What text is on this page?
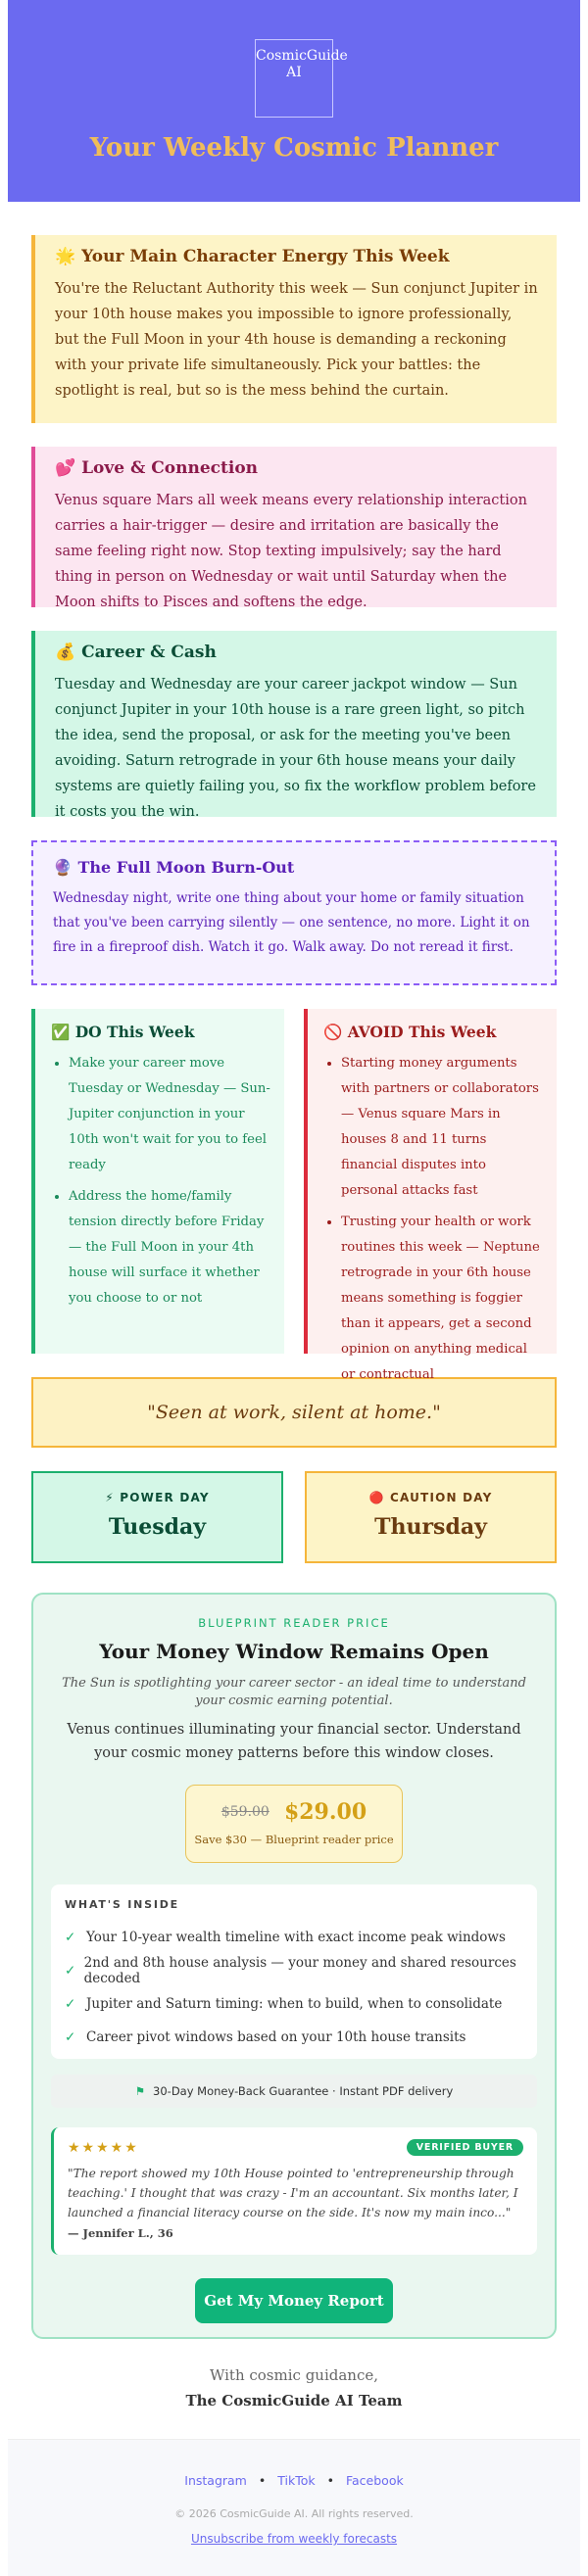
CosmicGuide AI
Your Weekly Cosmic Planner
🌟 Your Main Character Energy This Week

You're the Reluctant Authority this week — Sun conjunct Jupiter in your 10th house makes you impossible to ignore professionally, but the Full Moon in your 4th house is demanding a reckoning with your private life simultaneously. Pick your battles: the spotlight is real, but so is the mess behind the curtain.

💕 Love & Connection

Venus square Mars all week means every relationship interaction carries a hair-trigger — desire and irritation are basically the same feeling right now. Stop texting impulsively; say the hard thing in person on Wednesday or wait until Saturday when the Moon shifts to Pisces and softens the edge.

💰 Career & Cash

Tuesday and Wednesday are your career jackpot window — Sun conjunct Jupiter in your 10th house is a rare green light, so pitch the idea, send the proposal, or ask for the meeting you've been avoiding. Saturn retrograde in your 6th house means your daily systems are quietly failing you, so fix the workflow problem before it costs you the win.

🔮 The Full Moon Burn-Out

Wednesday night, write one thing about your home or family situation that you've been carrying silently — one sentence, no more. Light it on fire in a fireproof dish. Watch it go. Walk away. Do not reread it first.

✅ DO This Week
• Make your career move Tuesday or Wednesday — Sun-Jupiter conjunction in your 10th won't wait for you to feel ready
• Address the home/family tension directly before Friday — the Full Moon in your 4th house will surface it whether you choose to or not
🚫 AVOID This Week
• Starting money arguments with partners or collaborators — Venus square Mars in houses 8 and 11 turns financial disputes into personal attacks fast
• Trusting your health or work routines this week — Neptune retrograde in your 6th house means something is foggier than it appears, get a second opinion on anything medical or contractual
"Seen at work, silent at home."
⚡ POWER DAY
Tuesday
🔴 CAUTION DAY
Thursday
BLUEPRINT READER PRICE
Your Money Window Remains Open
The Sun is spotlighting your career sector - an ideal time to understand your cosmic earning potential.
Venus continues illuminating your financial sector. Understand your cosmic money patterns before this window closes.
$59.00 $29.00
Save $30 — Blueprint reader price
WHAT'S INSIDE
✓ Your 10-year wealth timeline with exact income peak windows
✓ 2nd and 8th house analysis — your money and shared resources decoded
✓ Jupiter and Saturn timing: when to build, when to consolidate
✓ Career pivot windows based on your 10th house transits
⚑ 30-Day Money-Back Guarantee · Instant PDF delivery
★★★★★	VERIFIED BUYER
"The report showed my 10th House pointed to 'entrepreneurship through teaching.' I thought that was crazy - I'm an accountant. Six months later, I launched a financial literacy course on the side. It's now my main inco..."
— Jennifer L., 36
Get My Money Report
With cosmic guidance,
The CosmicGuide AI Team
Instagram • TikTok • Facebook
© 2026 CosmicGuide AI. All rights reserved.
Unsubscribe from weekly forecasts
